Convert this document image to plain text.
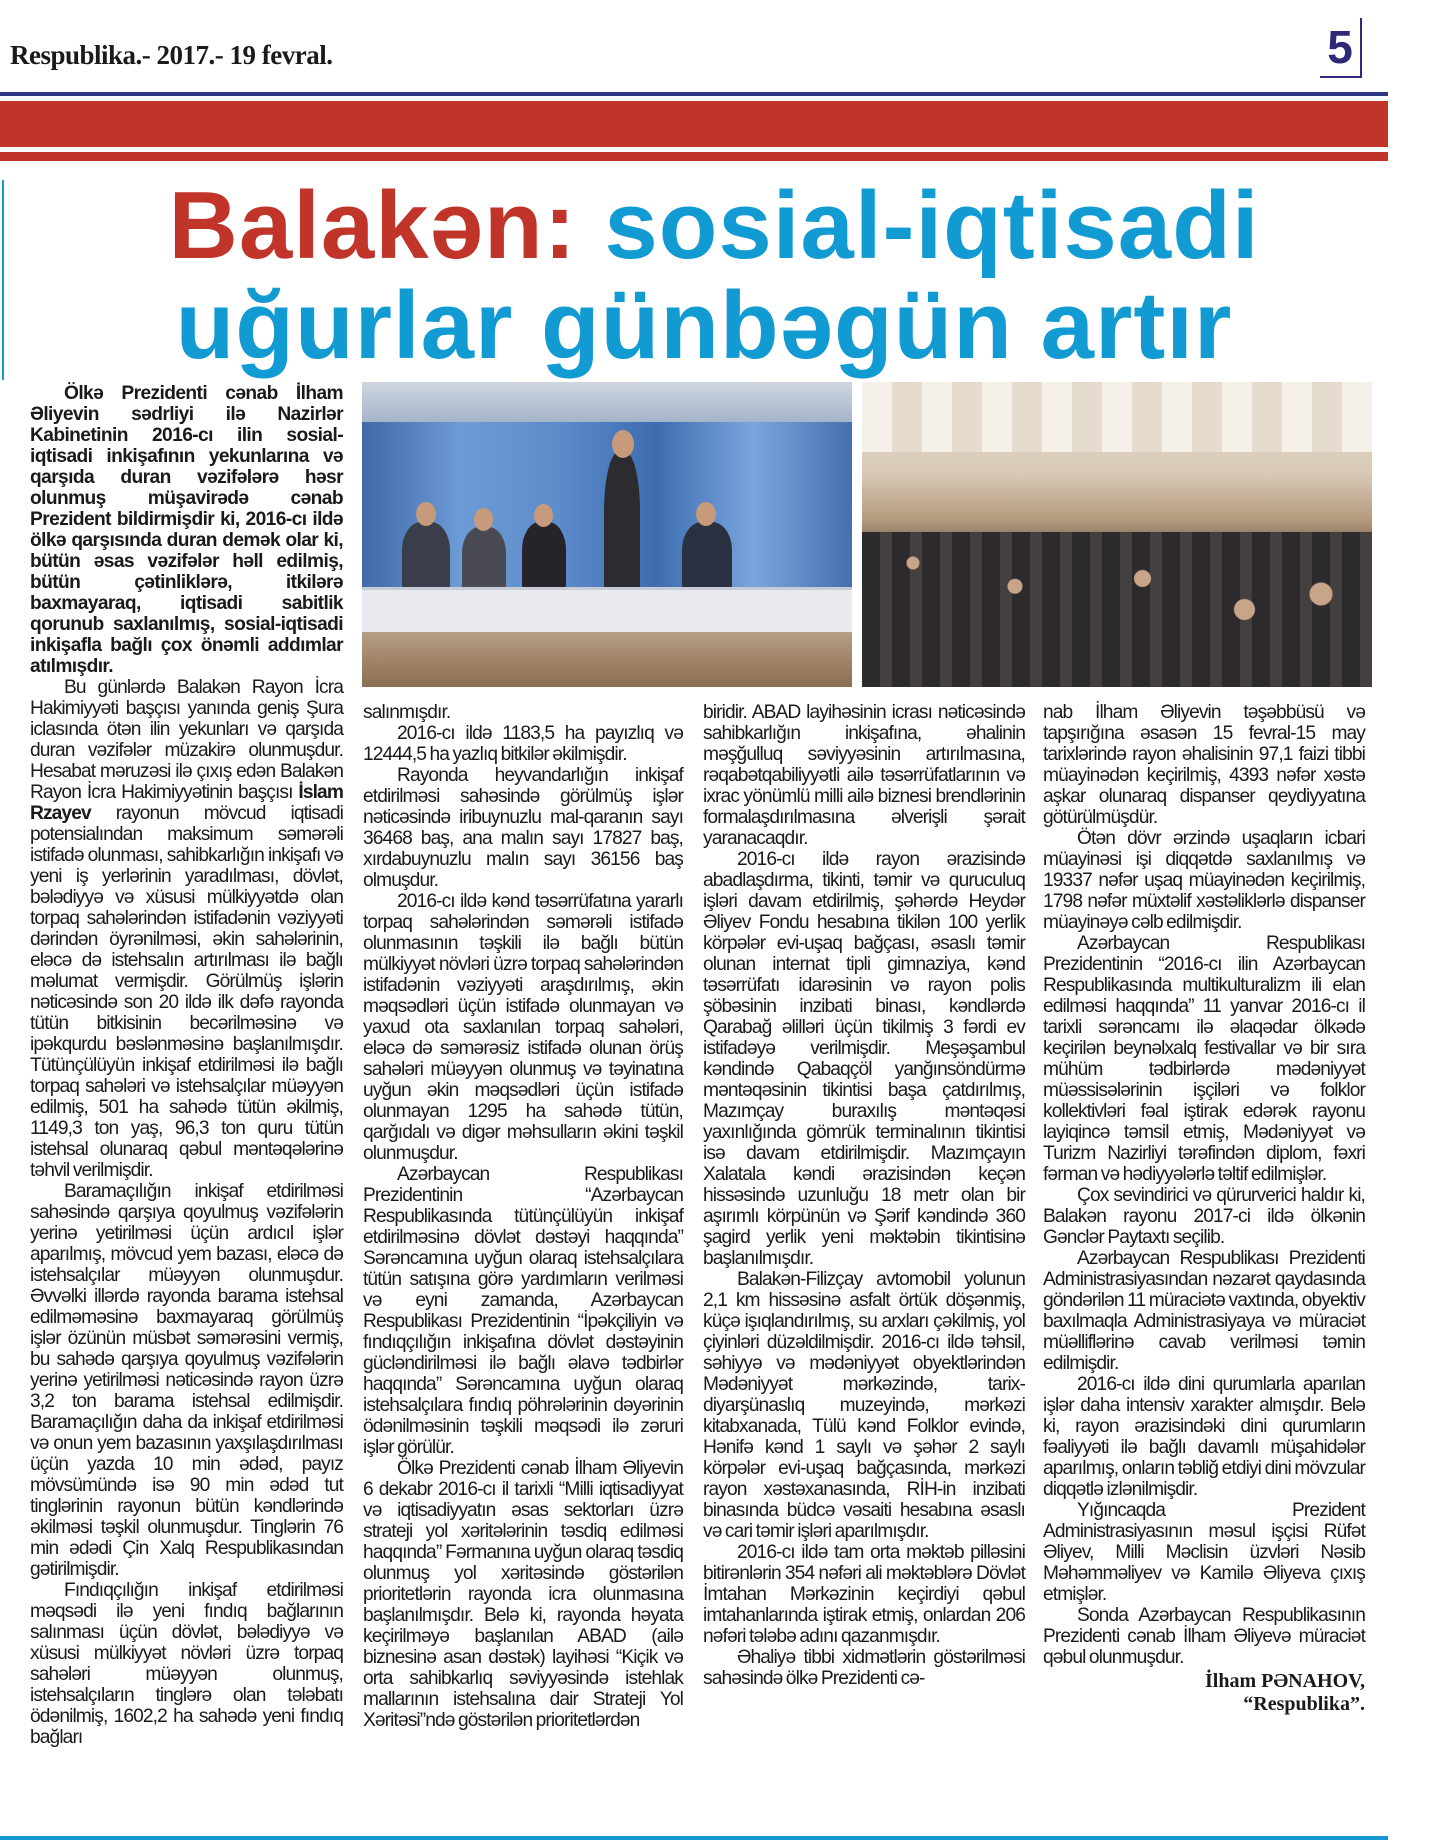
Respublika.- 2017.- 19 fevral.	5
Balakən: sosial-iqtisadi
uğurlar günbəgün artır

Ölkə Prezidenti cənab İlham Əliyevin sədrliyi ilə Nazirlər Kabinetinin 2016-cı ilin sosial-iqtisadi inkişafının yekunlarına və qarşıda duran vəzifələrə həsr olunmuş müşavirədə cənab Prezident bildirmişdir ki, 2016-cı ildə ölkə qarşısında duran demək olar ki, bütün əsas vəzifələr həll edilmiş, bütün çətinliklərə, itkilərə baxmayaraq, iqtisadi sabitlik qorunub saxlanılmış, sosial-iqtisadi inkişafla bağlı çox önəmli addımlar atılmışdır.

Bu günlərdə Balakən Rayon İcra Hakimiyyəti başçısı yanında geniş Şura iclasında ötən ilin yekunları və qarşıda duran vəzifələr müzakirə olunmuşdur. Hesabat məruzəsi ilə çıxış edən Balakən Rayon İcra Hakimiyyətinin başçısı İslam Rzayev rayonun mövcud iqtisadi potensialından maksimum səmərəli istifadə olunması, sahibkarlığın inkişafı və yeni iş yerlərinin yaradılması, dövlət, bələdiyyə və xüsusi mülkiyyətdə olan torpaq sahələrindən istifadənin vəziyyəti dərindən öyrənilməsi, əkin sahələrinin, eləcə də istehsalın artırılması ilə bağlı məlumat vermişdir. Görülmüş işlərin nəticəsində son 20 ildə ilk dəfə rayonda tütün bitkisinin becərilməsinə və ipəkqurdu bəslənməsinə başlanılmışdır. Tütünçülüyün inkişaf etdirilməsi ilə bağlı torpaq sahələri və istehsalçılar müəyyən edilmiş, 501 ha sahədə tütün əkilmiş, 1149,3 ton yaş, 96,3 ton quru tütün istehsal olunaraq qəbul məntəqələrinə təhvil verilmişdir.

Baramaçılığın inkişaf etdirilməsi sahəsində qarşıya qoyulmuş vəzifələrin yerinə yetirilməsi üçün ardıcıl işlər aparılmış, mövcud yem bazası, eləcə də istehsalçılar müəyyən olunmuşdur. Əvvəlki illərdə rayonda barama istehsal edilməməsinə baxmayaraq görülmüş işlər özünün müsbət səmərəsini vermiş, bu sahədə qarşıya qoyulmuş vəzifələrin yerinə yetirilməsi nəticəsində rayon üzrə 3,2 ton barama istehsal edilmişdir. Baramaçılığın daha da inkişaf etdirilməsi və onun yem bazasının yaxşılaşdırılması üçün yazda 10 min ədəd, payız mövsümündə isə 90 min ədəd tut tinglərinin rayonun bütün kəndlərində əkilməsi təşkil olunmuşdur. Tinglərin 76 min ədədi Çin Xalq Respublikasından gətirilmişdir.

Fındıqçılığın inkişaf etdirilməsi məqsədi ilə yeni fındıq bağlarının salınması üçün dövlət, bələdiyyə və xüsusi mülkiyyət növləri üzrə torpaq sahələri müəyyən olunmuş, istehsalçıların tinglərə olan tələbatı ödənilmiş, 1602,2 ha sahədə yeni fındıq bağları

salınmışdır.

2016-cı ildə 1183,5 ha payızlıq və 12444,5 ha yazlıq bitkilər əkilmişdir.

Rayonda heyvandarlığın inkişaf etdirilməsi sahəsində görülmüş işlər nəticəsində iribuynuzlu mal-qaranın sayı 36468 baş, ana malın sayı 17827 baş, xırdabuynuzlu malın sayı 36156 baş olmuşdur.

2016-cı ildə kənd təsərrüfatına yararlı torpaq sahələrindən səmərəli istifadə olunmasının təşkili ilə bağlı bütün mülkiyyət növləri üzrə torpaq sahələrindən istifadənin vəziyyəti araşdırılmış, əkin məqsədləri üçün istifadə olunmayan və yaxud ota saxlanılan torpaq sahələri, eləcə də səmərəsiz istifadə olunan örüş sahələri müəyyən olunmuş və təyinatına uyğun əkin məqsədləri üçün istifadə olunmayan 1295 ha sahədə tütün, qarğıdalı və digər məhsulların əkini təşkil olunmuşdur.

Azərbaycan Respublikası Prezidentinin “Azərbaycan Respublikasında tütünçülüyün inkişaf etdirilməsinə dövlət dəstəyi haqqında” Sərəncamına uyğun olaraq istehsalçılara tütün satışına görə yardımların verilməsi və eyni zamanda, Azərbaycan Respublikası Prezidentinin “İpəkçiliyin və fındıqçılığın inkişafına dövlət dəstəyinin gücləndirilməsi ilə bağlı əlavə tədbirlər haqqında” Sərəncamına uyğun olaraq istehsalçılara fındıq pöhrələrinin dəyərinin ödənilməsinin təşkili məqsədi ilə zəruri işlər görülür.

Ölkə Prezidenti cənab İlham Əliyevin 6 dekabr 2016-cı il tarixli “Milli iqtisadiyyat və iqtisadiyyatın əsas sektorları üzrə strateji yol xəritələrinin təsdiq edilməsi haqqında” Fərmanına uyğun olaraq təsdiq olunmuş yol xəritəsində göstərilən prioritetlərin rayonda icra olunmasına başlanılmışdır. Belə ki, rayonda həyata keçirilməyə başlanılan ABAD (ailə biznesinə asan dəstək) layihəsi “Kiçik və orta sahibkarlıq səviyyəsində istehlak mallarının istehsalına dair Strateji Yol Xəritəsi”ndə göstərilən prioritetlərdən

biridir. ABAD layihəsinin icrası nəticəsində sahibkarlığın inkişafına, əhalinin məşğulluq səviyyəsinin artırılmasına, rəqabətqabiliyyətli ailə təsərrüfatlarının və ixrac yönümlü milli ailə biznesi brendlərinin formalaşdırılmasına əlverişli şərait yaranacaqdır.

2016-cı ildə rayon ərazisində abadlaşdırma, tikinti, təmir və quruculuq işləri davam etdirilmiş, şəhərdə Heydər Əliyev Fondu hesabına tikilən 100 yerlik körpələr evi-uşaq bağçası, əsaslı təmir olunan internat tipli gimnaziya, kənd təsərrüfatı idarəsinin və rayon polis şöbəsinin inzibati binası, kəndlərdə Qarabağ əlilləri üçün tikilmiş 3 fərdi ev istifadəyə verilmişdir. Meşəşambul kəndində Qabaqçöl yanğınsöndürmə məntəqəsinin tikintisi başa çatdırılmış, Mazımçay buraxılış məntəqəsi yaxınlığında gömrük terminalının tikintisi isə davam etdirilmişdir. Mazımçayın Xalatala kəndi ərazisindən keçən hissəsində uzunluğu 18 metr olan bir aşırımlı körpünün və Şərif kəndində 360 şagird yerlik yeni məktəbin tikintisinə başlanılmışdır.

Balakən-Filizçay avtomobil yolunun 2,1 km hissəsinə asfalt örtük döşənmiş, küçə işıqlandırılmış, su arxları çəkilmiş, yol çiyinləri düzəldilmişdir. 2016-cı ildə təhsil, səhiyyə və mədəniyyət obyektlərindən Mədəniyyət mərkəzində, tarix-diyarşünaslıq muzeyində, mərkəzi kitabxanada, Tülü kənd Folklor evində, Hənifə kənd 1 saylı və şəhər 2 saylı körpələr evi-uşaq bağçasında, mərkəzi rayon xəstəxanasında, RİH-in inzibati binasında büdcə vəsaiti hesabına əsaslı və cari təmir işləri aparılmışdır.

2016-cı ildə tam orta məktəb pilləsini bitirənlərin 354 nəfəri ali məktəblərə Dövlət İmtahan Mərkəzinin keçirdiyi qəbul imtahanlarında iştirak etmiş, onlardan 206 nəfəri tələbə adını qazanmışdır.

Əhaliyə tibbi xidmətlərin göstərilməsi sahəsində ölkə Prezidenti cə-

nab İlham Əliyevin təşəbbüsü və tapşırığına əsasən 15 fevral-15 may tarixlərində rayon əhalisinin 97,1 faizi tibbi müayinədən keçirilmiş, 4393 nəfər xəstə aşkar olunaraq dispanser qeydiyyatına götürülmüşdür.

Ötən dövr ərzində uşaqların icbari müayinəsi işi diqqətdə saxlanılmış və 19337 nəfər uşaq müayinədən keçirilmiş, 1798 nəfər müxtəlif xəstəliklərlə dispanser müayinəyə cəlb edilmişdir.

Azərbaycan Respublikası Prezidentinin “2016-cı ilin Azərbaycan Respublikasında multikulturalizm ili elan edilməsi haqqında” 11 yanvar 2016-cı il tarixli sərəncamı ilə əlaqədar ölkədə keçirilən beynəlxalq festivallar və bir sıra mühüm tədbirlərdə mədəniyyət müəssisələrinin işçiləri və folklor kollektivləri fəal iştirak edərək rayonu layiqincə təmsil etmiş, Mədəniyyət və Turizm Nazirliyi tərəfindən diplom, fəxri fərman və hədiyyələrlə təltif edilmişlər.

Çox sevindirici və qürurverici haldır ki, Balakən rayonu 2017-ci ildə ölkənin Gənclər Paytaxtı seçilib.

Azərbaycan Respublikası Prezidenti Administrasiyasından nəzarət qaydasında göndərilən 11 müraciətə vaxtında, obyektiv baxılmaqla Administrasiyaya və müraciət müəlliflərinə cavab verilməsi təmin edilmişdir.

2016-cı ildə dini qurumlarla aparılan işlər daha intensiv xarakter almışdır. Belə ki, rayon ərazisindəki dini qurumların fəaliyyəti ilə bağlı davamlı müşahidələr aparılmış, onların təbliğ etdiyi dini mövzular diqqətlə izlənilmişdir.

Yığıncaqda Prezident Administrasiyasının məsul işçisi Rüfət Əliyev, Milli Məclisin üzvləri Nəsib Məhəmməliyev və Kamilə Əliyeva çıxış etmişlər.

Sonda Azərbaycan Respublikasının Prezidenti cənab İlham Əliyevə müraciət qəbul olunmuşdur.

İlham PƏNAHOV,
“Respublika”.
